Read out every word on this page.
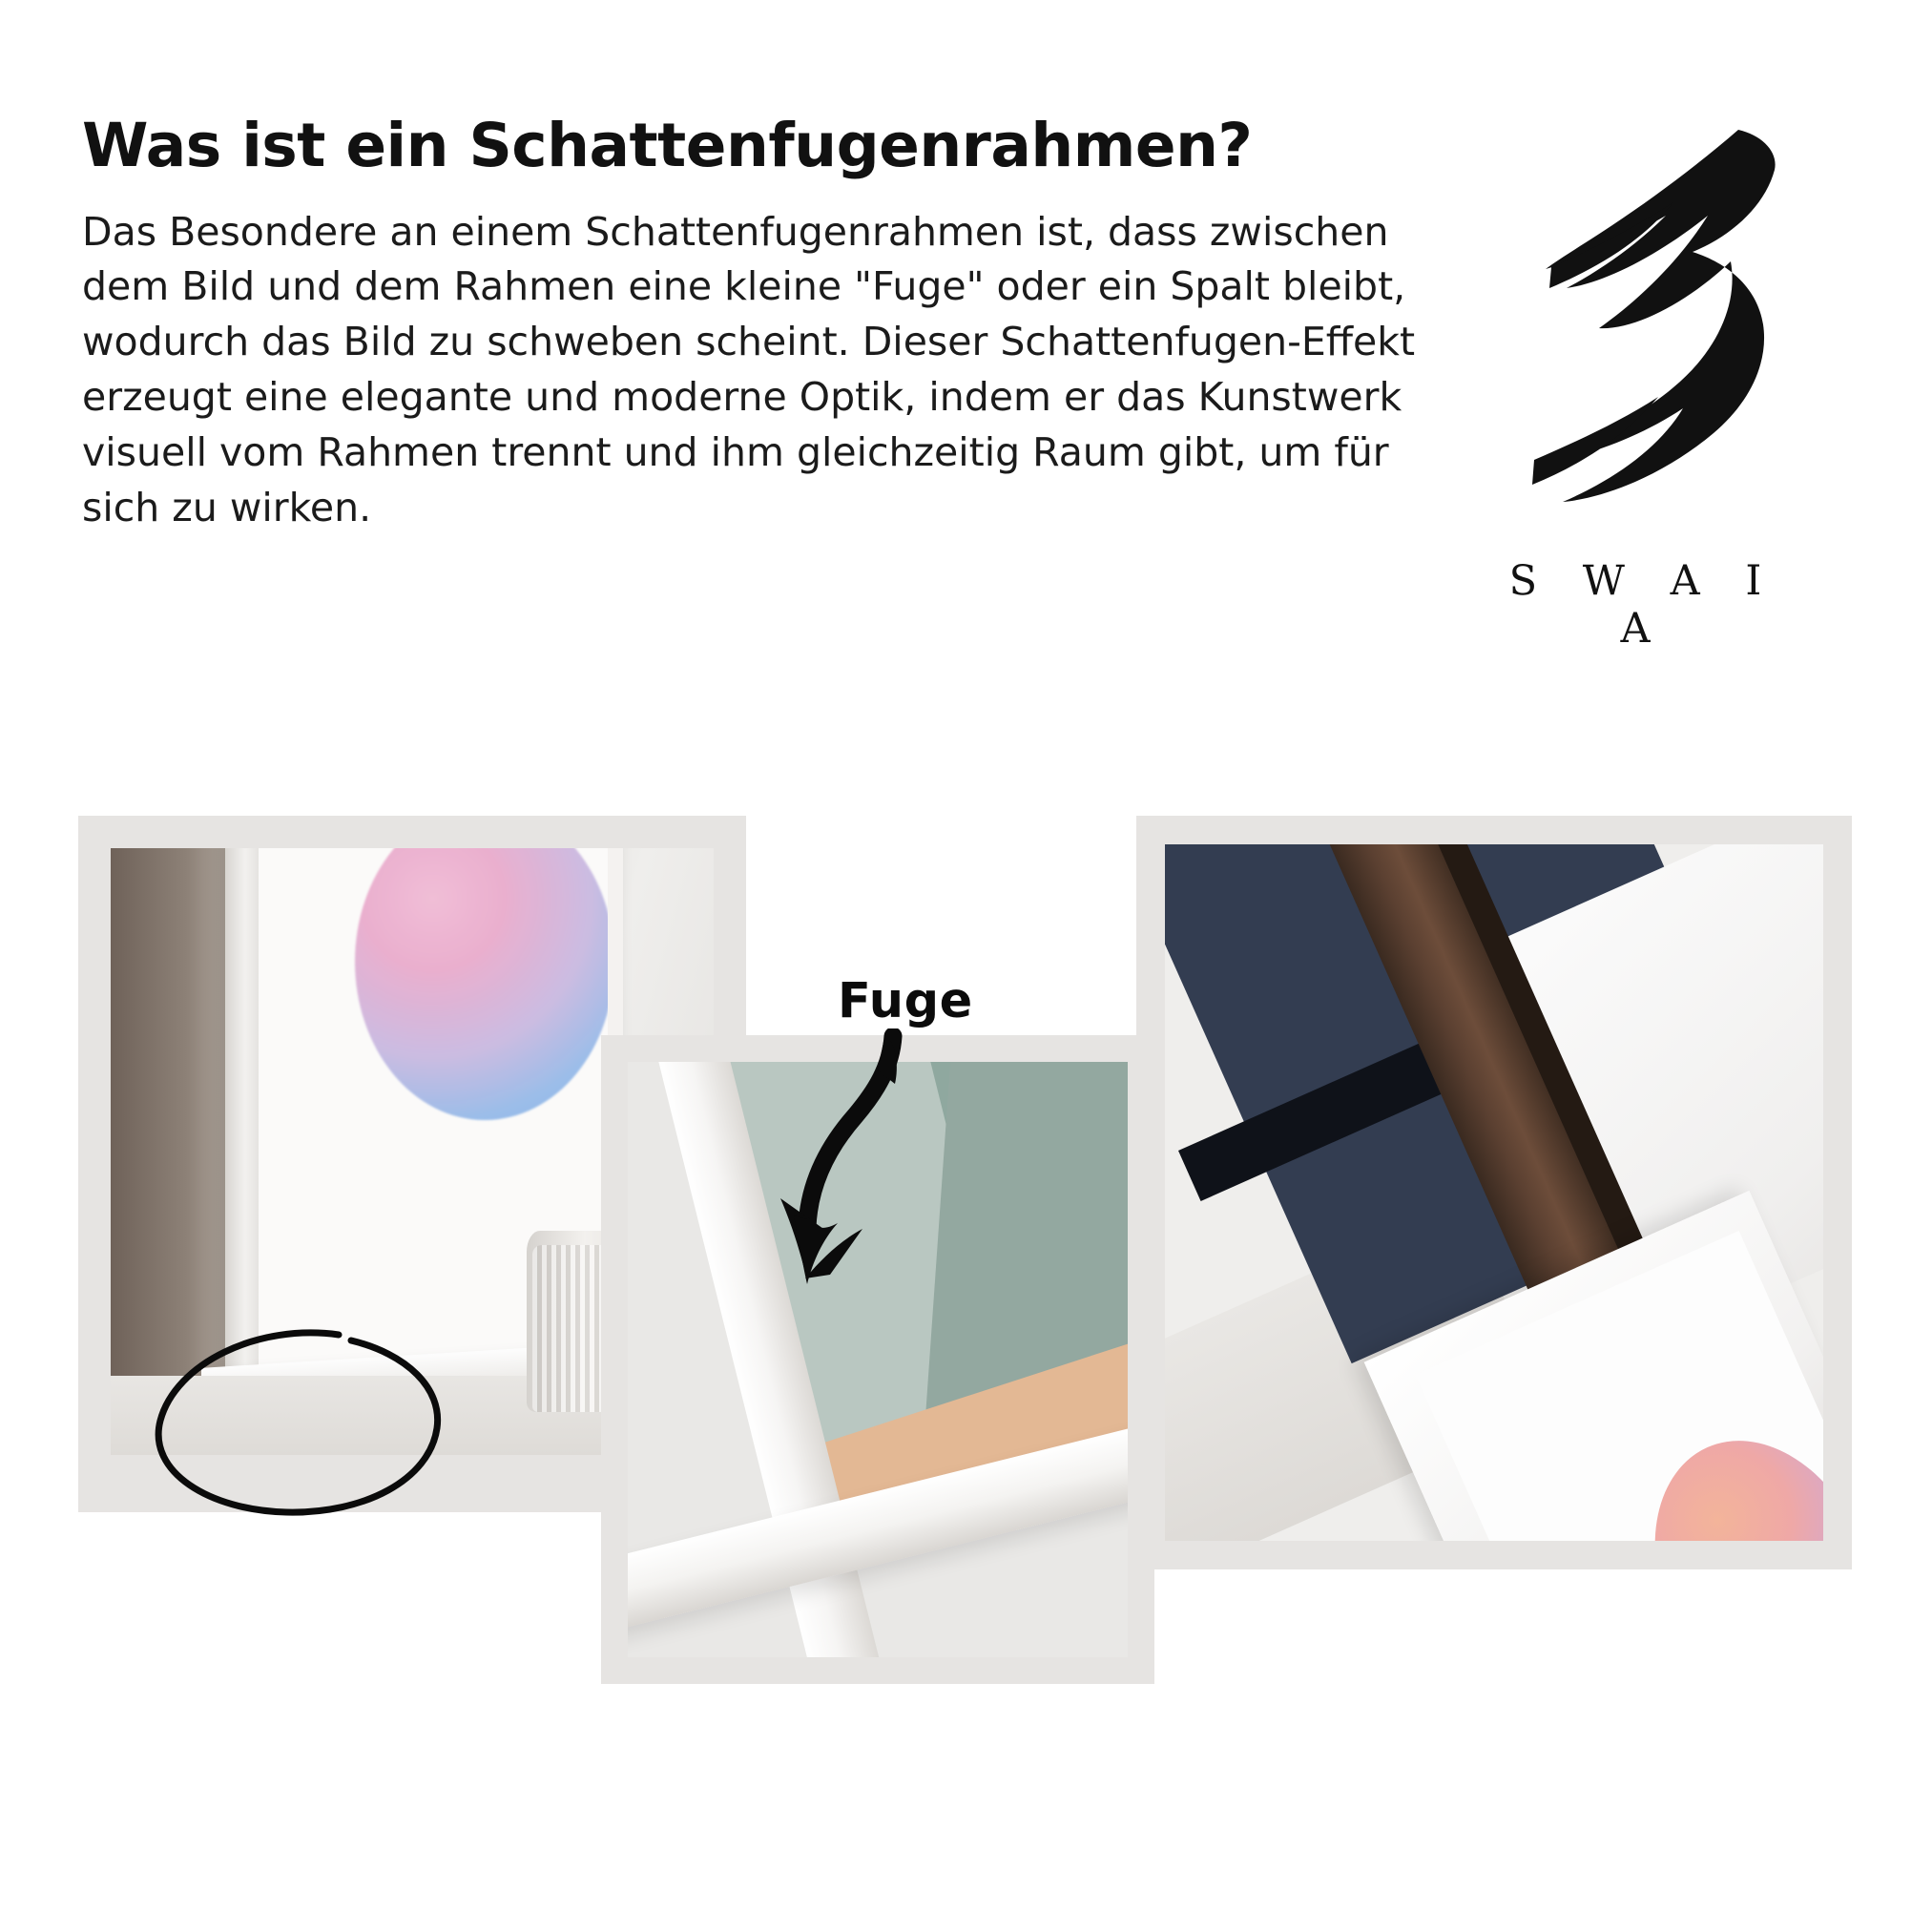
Was ist ein Schattenfugenrahmen?

Das Besondere an einem Schattenfugenrahmen ist, dass zwischen dem Bild und dem Rahmen eine kleine "Fuge" oder ein Spalt bleibt, wodurch das Bild zu schweben scheint. Dieser Schattenfugen-Effekt erzeugt eine elegante und moderne Optik, indem er das Kunstwerk visuell vom Rahmen trennt und ihm gleichzeitig Raum gibt, um für sich zu wirken.

S W A I A
Fuge
